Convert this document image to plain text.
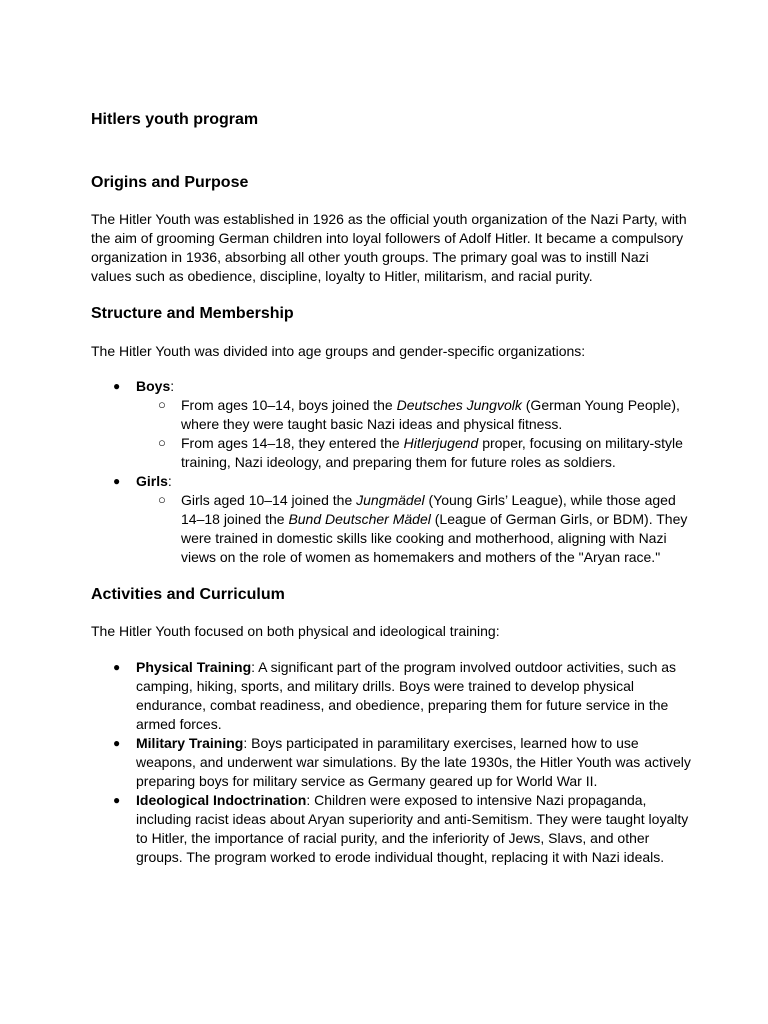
Hitlers youth program
Origins and Purpose

The Hitler Youth was established in 1926 as the official youth organization of the Nazi Party, with the aim of grooming German children into loyal followers of Adolf Hitler. It became a compulsory organization in 1936, absorbing all other youth groups. The primary goal was to instill Nazi values such as obedience, discipline, loyalty to Hitler, militarism, and racial purity.

Structure and Membership

The Hitler Youth was divided into age groups and gender-specific organizations:

● Boys:
○ From ages 10–14, boys joined the Deutsches Jungvolk (German Young People), where they were taught basic Nazi ideas and physical fitness.
○ From ages 14–18, they entered the Hitlerjugend proper, focusing on military-style training, Nazi ideology, and preparing them for future roles as soldiers.
● Girls:
○ Girls aged 10–14 joined the Jungmädel (Young Girls’ League), while those aged 14–18 joined the Bund Deutscher Mädel (League of German Girls, or BDM). They were trained in domestic skills like cooking and motherhood, aligning with Nazi views on the role of women as homemakers and mothers of the "Aryan race."
Activities and Curriculum

The Hitler Youth focused on both physical and ideological training:

● Physical Training: A significant part of the program involved outdoor activities, such as camping, hiking, sports, and military drills. Boys were trained to develop physical endurance, combat readiness, and obedience, preparing them for future service in the armed forces.
● Military Training: Boys participated in paramilitary exercises, learned how to use weapons, and underwent war simulations. By the late 1930s, the Hitler Youth was actively preparing boys for military service as Germany geared up for World War II.
● Ideological Indoctrination: Children were exposed to intensive Nazi propaganda, including racist ideas about Aryan superiority and anti-Semitism. They were taught loyalty to Hitler, the importance of racial purity, and the inferiority of Jews, Slavs, and other groups. The program worked to erode individual thought, replacing it with Nazi ideals.
